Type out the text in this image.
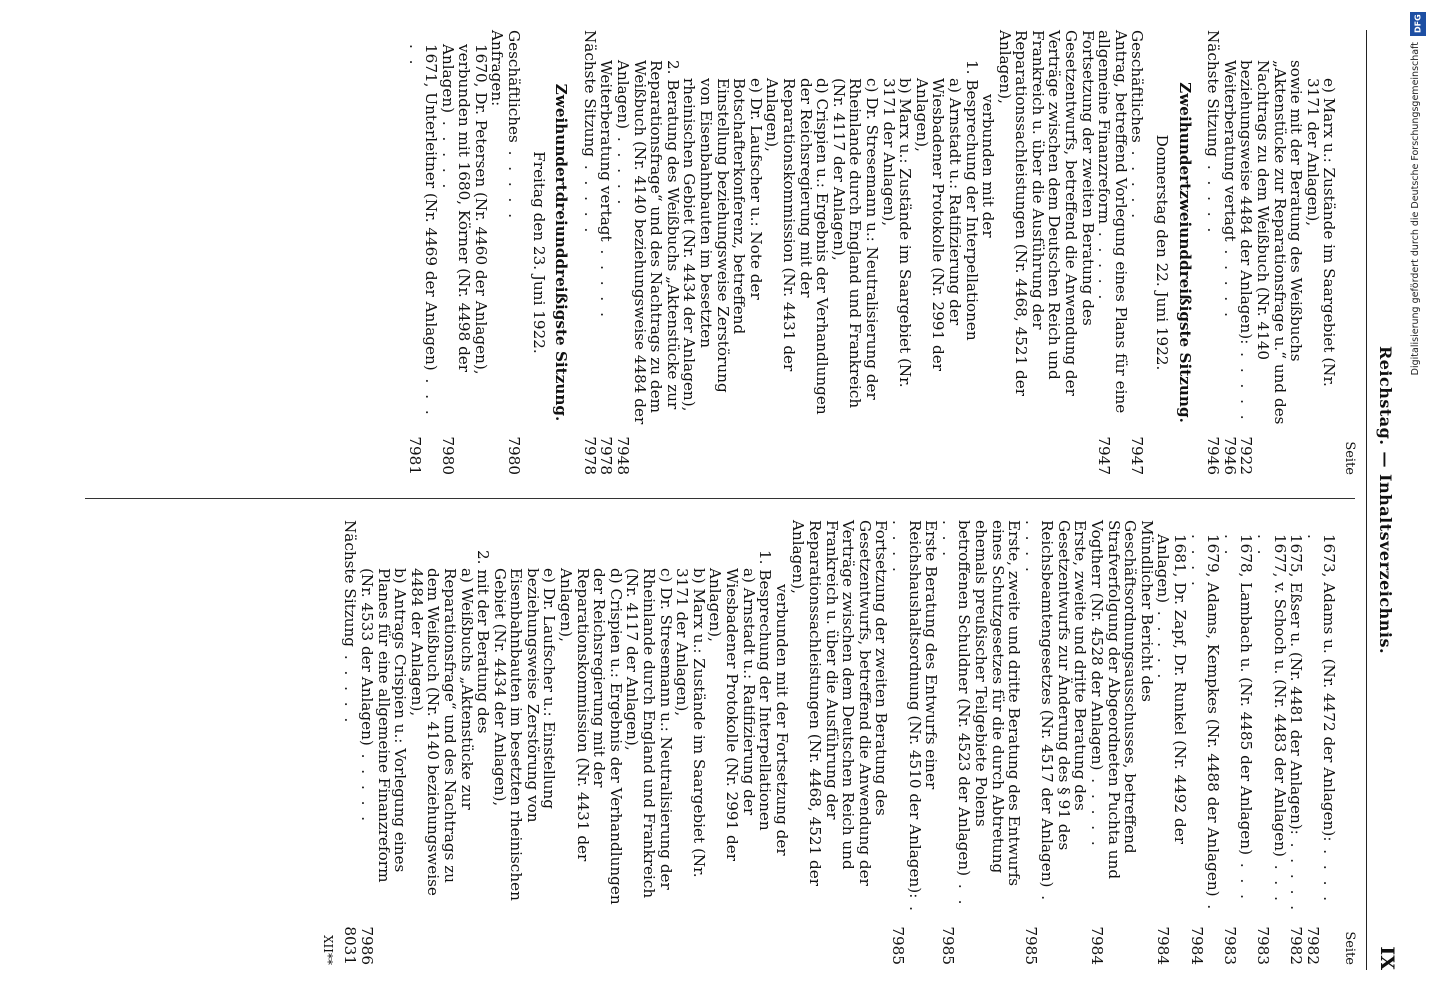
Reichstag. — Inhaltsverzeichnis.
IX
Seite
e) Marx u.: Zustände im Saargebiet (Nr. 3171 der Anlagen),
sowie mit der Beratung des Weißbuchs „Aktenstücke zur Reparationsfrage u.“ und des Nachtrags zu dem Weißbuch (Nr. 4140 beziehungsweise 4484 der Anlagen): . . . . .
7922
Weiterberatung vertagt . . . . .
7946
Nächste Sitzung . . . . .
7946
Zweihundertzweiunddreißigste Sitzung.
Donnerstag den 22. Juni 1922.
Geschäftliches . . . . .
7947
Antrag, betreffend Vorlegung eines Plans für eine allgemeine Finanzreform . . . . .
7947
Fortsetzung der zweiten Beratung des Gesetzentwurfs, betreffend die Anwendung der Verträge zwischen dem Deutschen Reich und Frankreich u. über die Ausführung der Reparationssachleistungen (Nr. 4468, 4521 der Anlagen),
verbunden mit der
1. Besprechung der Interpellationen
a) Arnstadt u.: Ratifizierung der Wiesbadener Protokolle (Nr. 2991 der Anlagen),
b) Marx u.: Zustände im Saargebiet (Nr. 3171 der Anlagen),
c) Dr. Stresemann u.: Neutralisierung der Rheinlande durch England und Frankreich (Nr. 4117 der Anlagen),
d) Crispien u.: Ergebnis der Verhandlungen der Reichsregierung mit der Reparationskommission (Nr. 4431 der Anlagen),
e) Dr. Laufscher u.: Note der Botschafterkonferenz, betreffend Einstellung beziehungsweise Zerstörung von Eisenbahnbauten im besetzten rheinischen Gebiet (Nr. 4434 der Anlagen),
2. Beratung des Weißbuchs „Aktenstücke zur Reparationsfrage“ und des Nachtrags zu dem Weißbuch (Nr. 4140 beziehungsweise 4484 der Anlagen) . . . . .
7948
Weiterberatung vertagt . . . . .
7978
Nächste Sitzung . . . . .
7978
Zweihundertdreiunddreißigste Sitzung.
Freitag den 23. Juni 1922.
Geschäftliches . . . . .
7980
Anfragen:
1670, Dr. Petersen (Nr. 4460 der Anlagen), verbunden mit 1680, Körner (Nr. 4498 der Anlagen) . . . . .
7980
1671, Unterleitner (Nr. 4469 der Anlagen) . . . . .
7981
Seite
1673, Adams u. (Nr. 4472 der Anlagen): . . . . .
7982
1675, Eßser u. (Nr. 4481 der Anlagen): . . . . .
7982
1677, v. Schoch u. (Nr. 4483 der Anlagen) . . . . .
7983
1678, Lambach u. (Nr. 4485 der Anlagen) . . . . .
7983
1679, Adams, Kempkes (Nr. 4488 der Anlagen) . . . . .
7984
1681, Dr. Zapf, Dr. Runkel (Nr. 4492 der Anlagen) . . . . .
7984
Mündlicher Bericht des Geschäftsordnungsausschusses, betreffend Strafverfolgung der Abgeordneten Puchta und Vogtherr (Nr. 4528 der Anlagen) . . . . .
7984
Erste, zweite und dritte Beratung des Gesetzentwurfs zur Änderung des § 91 des Reichsbeamtengesetzes (Nr. 4517 der Anlagen) . . . . .
7985
Erste, zweite und dritte Beratung des Entwurfs eines Schutzgesetzes für die durch Abtretung ehemals preußischer Teilgebiete Polens betroffenen Schuldner (Nr. 4523 der Anlagen) . . . . .
7985
Erste Beratung des Entwurfs einer Reichshaushaltsordnung (Nr. 4510 der Anlagen): . . . . .
7985
Fortsetzung der zweiten Beratung des Gesetzentwurfs, betreffend die Anwendung der Verträge zwischen dem Deutschen Reich und Frankreich u. über die Ausführung der Reparationssachleistungen (Nr. 4468, 4521 der Anlagen),
verbunden mit der Fortsetzung der
1. Besprechung der Interpellationen
a) Arnstadt u.: Ratifizierung der Wiesbadener Protokolle (Nr. 2991 der Anlagen),
b) Marx u.: Zustände im Saargebiet (Nr. 3171 der Anlagen),
c) Dr. Stresemann u.: Neutralisierung der Rheinlande durch England und Frankreich (Nr. 4117 der Anlagen),
d) Crispien u.: Ergebnis der Verhandlungen der Reichsregierung mit der Reparationskommission (Nr. 4431 der Anlagen),
e) Dr. Laufscher u.: Einstellung beziehungsweise Zerstörung von Eisenbahnbauten im besetzten rheinischen Gebiet (Nr. 4434 der Anlagen),
2. mit der Beratung des
a) Weißbuchs „Aktenstücke zur Reparationsfrage“ und des Nachtrags zu dem Weißbuch (Nr. 4140 beziehungsweise 4484 der Anlagen),
b) Antrags Crispien u.: Vorlegung eines Planes für eine allgemeine Finanzreform (Nr. 4533 der Anlagen) . . . . .
7986
Nächste Sitzung . . . . .
8031
XII**
DFG
Digitalisierung gefördert durch die Deutsche Forschungsgemeinschaft
